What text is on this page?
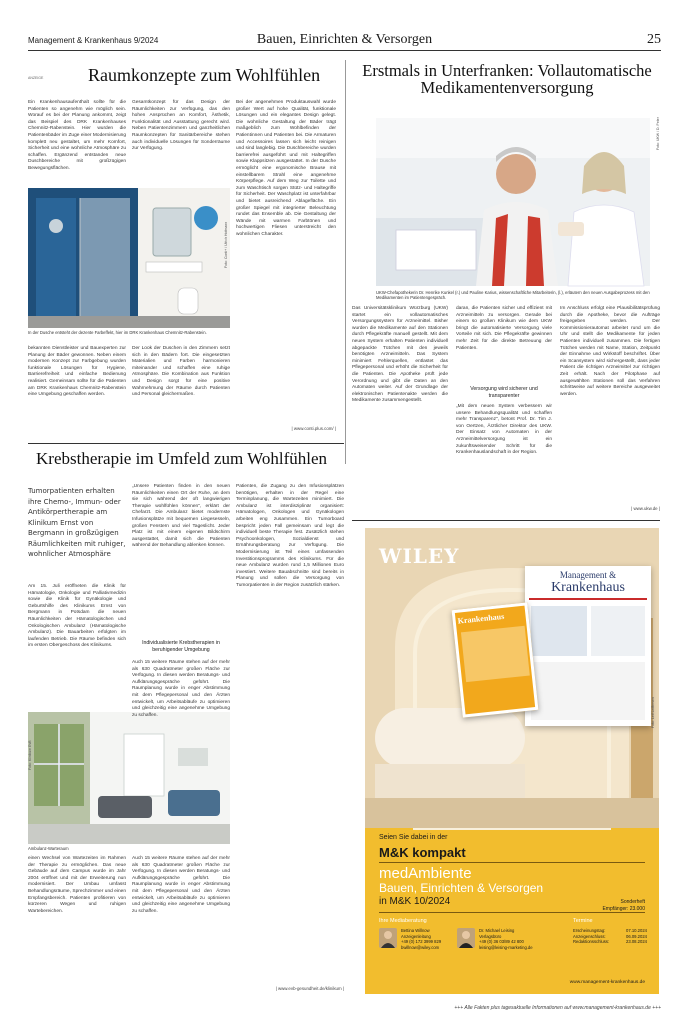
Management & Krankenhaus 9/2024	Bauen, Einrichten & Versorgen	25
ANZEIGE Raumkonzepte zum Wohlfühlen
Ein Krankenhausaufenthalt sollte für die Patienten so angenehm wie möglich sein. Worauf es bei der Planung ankommt, zeigt das Beispiel des DRK Krankenhauses Chemnitz-Rabenstein. Hier wurden die Patientenbäder im Zuge einer Modernisierung komplett neu gestaltet, um mehr Komfort, Sicherheit und eine wohnliche Atmosphäre zu schaffen. Ergänzend entstanden neue Duschbereiche mit großzügigen Bewegungsflächen.
Gesamtkonzept für das Design der Räumlichkeiten zur Verfügung, das den hohen Ansprüchen an Komfort, Ästhetik, Funktionalität und Ausstattung gerecht wird. Neben Patientenzimmern und ganzheitlichen Raumkonzepten für Sanitärbereiche stehen auch individuelle Lösungen für Sonderräume zur Verfügung.
Bei der angenehmen Produktauswahl wurde großer Wert auf hohe Qualität, funktionale Lösungen und ein elegantes Design gelegt. Die wohnliche Gestaltung der Bäder trägt maßgeblich zum Wohlbefinden der Patientinnen und Patienten bei. Die Armaturen und Accessoires lassen sich leicht reinigen und sind langlebig. Die Duschbereiche wurden barrierefrei ausgeführt und mit Haltegriffen sowie Klappsitzen ausgestattet. In der Dusche ermöglicht eine ergonomische Brause mit einstellbarem Strahl eine angenehme Körperpflege. Auf dem Weg zur Toilette und zum Waschtisch sorgen Stütz- und Haltegriffe für Sicherheit. Der Waschplatz ist unterfahrbar und bietet ausreichend Ablagefläche. Ein großer Spiegel mit integrierter Beleuchtung rundet das Ensemble ab. Die Gestaltung der Wände mit warmen Farbtönen und hochwertigen Fliesen unterstreicht den wohnlichen Charakter.
Foto: Conti+ / Ulrich Hofmann
In der Dusche entsteht der dezente Farbeffekt, hier im DRK Krankenhaus Chemnitz-Rabenstein.
bekannten Dienstleister und Bauexperten zur Planung der Bäder gewonnen. Neben einem modernen Konzept zur Farbgebung wurden funktionale Lösungen für Hygiene, Barrierefreiheit und einfache Bedienung realisiert. Gemeinsam sollte für die Patienten am DRK Krankenhaus Chemnitz-Rabenstein eine Umgebung geschaffen werden.
Der Look der Duschen in den Zimmern setzt sich in den Bädern fort. Die eingesetzten Materialien und Farben harmonieren miteinander und schaffen eine ruhige Atmosphäre. Die Kombination aus Funktion und Design sorgt für eine positive Wahrnehmung der Räume durch Patienten und Personal gleichermaßen.
| www.conti.plus.com/ |
Erstmals in Unterfranken: Vollautomatische Medikamentenversorgung
Foto: UKW / D. Peter
UKW-Chefapothekerin Dr. Henrike Kunkel (r.) und Pauline Karius, wissenschaftliche Mitarbeiterin, (l.), erläutern den neuen Ausgabeprozess mit den Medikamenten im Patientengespräch.
Das Universitätsklinikum Würzburg (UKW) startet ein vollautomatisches Versorgungssystem für Arzneimittel. Bisher wurden die Medikamente auf den Stationen durch Pflegekräfte manuell gestellt. Mit dem neuen System erhalten Patienten individuell abgepackte Tütchen mit den jeweils benötigten Arzneimitteln. Das System minimiert Fehlerquellen, entlastet das Pflegepersonal und erhöht die Sicherheit für die Patienten. Die Apotheke prüft jede Verordnung und gibt die Daten an den Automaten weiter. Auf der Grundlage der elektronischen Patientenakte werden die Medikamente zusammengestellt.
daran, die Patienten sicher und effizient mit Arzneimitteln zu versorgen. Gerade bei einem so großen Klinikum wie dem UKW bringt die automatisierte Versorgung viele Vorteile mit sich. Die Pflegekräfte gewinnen mehr Zeit für die direkte Betreuung der Patienten.
Versorgung wird sicherer und transparenter
„Mit dem neuen System verbessern wir unsere Behandlungsqualität und schaffen mehr Transparenz", betont Prof. Dr. Tim J. von Oertzen, Ärztlicher Direktor des UKW. Der Einsatz von Automaten in der Arzneimittelversorgung ist ein zukunftsweisender Schritt für die Krankenhauslandschaft in der Region.
Im Anschluss erfolgt eine Plausibilitätsprüfung durch die Apotheke, bevor die Aufträge freigegeben werden. Der Kommissionierautomat arbeitet rund um die Uhr und stellt die Medikamente für jeden Patienten individuell zusammen. Die fertigen Tütchen werden mit Name, Station, Zeitpunkt der Einnahme und Wirkstoff beschriftet. Über ein Scansystem wird sichergestellt, dass jeder Patient die richtigen Arzneimittel zur richtigen Zeit erhält. Nach der Pilotphase auf ausgewählten Stationen soll das Verfahren schrittweise auf weitere Bereiche ausgeweitet werden.
| www.ukw.de |
Krebstherapie im Umfeld zum Wohlfühlen
Tumorpatienten erhalten ihre Chemo-, Immun- oder Antikörpertherapie am Klinikum Ernst von Bergmann in großzügigen Räumlichkeiten mit ruhiger, wohnlicher Atmosphäre
Am 15. Juli eröffneten die Klinik für Hämatologie, Onkologie und Palliativmedizin sowie die Klinik für Gynäkologie und Geburtshilfe des Klinikums Ernst von Bergmann in Potsdam die neuen Räumlichkeiten der Hämatologischen und Onkologischen Ambulanz (Hämatologische Ambulanz). Die Bauarbeiten erfolgten im laufenden Betrieb. Die Räume befinden sich im ersten Obergeschoss des Klinikums.
Foto: Klinikum EvB
Ambulanz-Warteraum
einen Wechsel von Wartezeiten im Rahmen der Therapie zu ermöglichen. Das neue Gebäude auf dem Campus wurde im Jahr 2004 eröffnet und mit der Erweiterung nun modernisiert. Der Umbau umfasst Behandlungsräume, Sprechzimmer und einen Empfangsbereich. Patienten profitieren von kürzeren Wegen und ruhigen Wartebereichen.
„Unsere Patienten finden in den neuen Räumlichkeiten einen Ort der Ruhe, an dem sie sich während der oft langwierigen Therapie wohlfühlen können", erklärt der Chefarzt. Die Ambulanz bietet modernste Infusionsplätze mit bequemen Liegesesseln, großen Fenstern und viel Tageslicht. Jeder Platz ist mit einem eigenen Bildschirm ausgestattet, damit sich die Patienten während der Behandlung ablenken können.
Individualisierte Krebstherapien in beruhigender Umgebung
Auch 15 weitere Räume stehen auf der mehr als 630 Quadratmeter großen Fläche zur Verfügung. In diesen werden Beratungs- und Aufklärungsgespräche geführt. Die Raumplanung wurde in enger Abstimmung mit dem Pflegepersonal und den Ärzten entwickelt, um Arbeitsabläufe zu optimieren und gleichzeitig eine angenehme Umgebung zu schaffen.
Auch 15 weitere Räume stehen auf der mehr als 630 Quadratmeter großen Fläche zur Verfügung. In diesen werden Beratungs- und Aufklärungsgespräche geführt. Die Raumplanung wurde in enger Abstimmung mit dem Pflegepersonal und den Ärzten entwickelt, um Arbeitsabläufe zu optimieren und gleichzeitig eine angenehme Umgebung zu schaffen.
Patienten, die Zugang zu den Infusionsplätzen benötigen, erhalten in der Regel eine Terminplanung, die Wartezeiten minimiert. Die Ambulanz ist interdisziplinär organisiert: Hämatologen, Onkologen und Gynäkologen arbeiten eng zusammen. Ein Tumorboard bespricht jeden Fall gemeinsam und legt die individuell beste Therapie fest. Zusätzlich stehen Psychoonkologen, Sozialdienst und Ernährungsberatung zur Verfügung. Die Modernisierung ist Teil eines umfassenden Investitionsprogramms des Klinikums. Für die neue Ambulanz wurden rund 1,5 Millionen Euro investiert. Weitere Bauabschnitte sind bereits in Planung und sollen die Versorgung von Tumorpatienten in der Region zusätzlich stärken.
| www.evb-gesundheit.de/klinikum |
WILEY
Foto: Leif Leiffersen
Management &
Krankenhaus
Krankenhaus
Seien Sie dabei in der
M&K kompakt
medAmbiente
Bauen, Einrichten & Versorgen
in M&K 10/2024	Sonderheft
Empfänger: 23.000
Ihre Mediaberatung	Termine
Bettina Willnow
Anzeigenleitung
+49 (0) 172 3999 829
bwillnow@wiley.com
Dr. Michael Leising
Verlagsbüro
+49 (0) 36 03/89 42 800
leising@leising-marketing.de
Erscheinungstag:	07.10.2024
Anzeigenschluss:	06.09.2024
Redaktionsschluss:	23.08.2024
www.management-krankenhaus.de
+++ Alle Fakten plus tagesaktuelle Informationen auf www.management-krankenhaus.de +++
